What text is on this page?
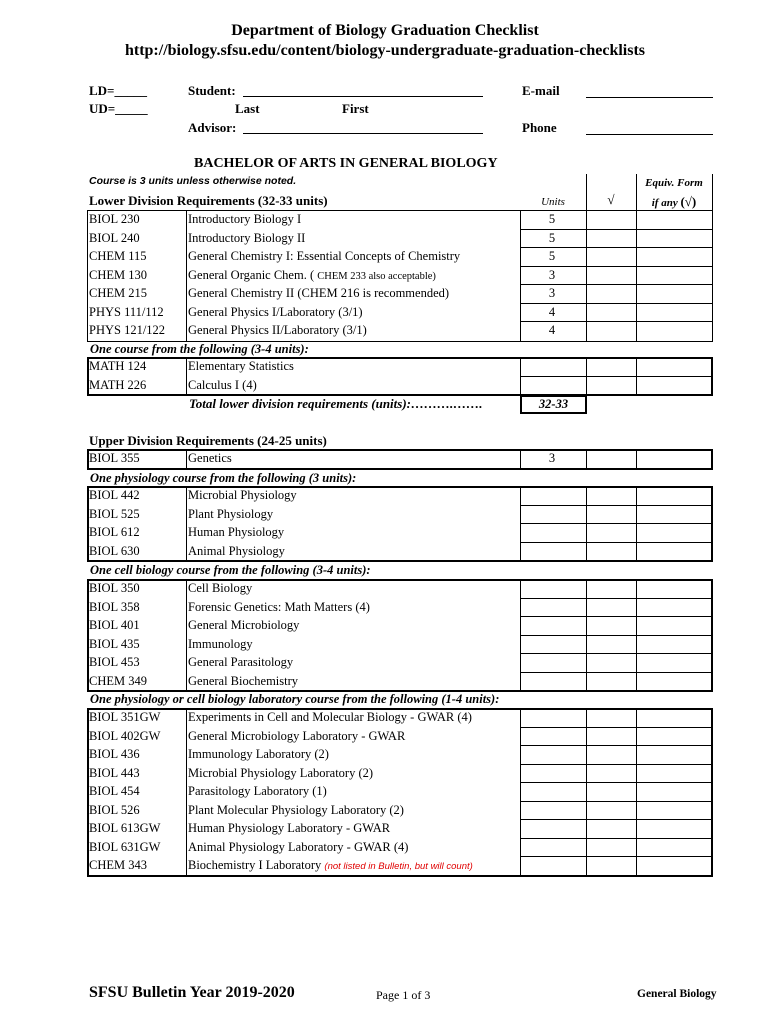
Department of Biology Graduation Checklist
http://biology.sfsu.edu/content/biology-undergraduate-graduation-checklists
LD=_____
UD=_____
Student:
Last	First
Advisor:
E-mail
Phone
BACHELOR OF ARTS IN GENERAL BIOLOGY
Course is 3 units unless otherwise noted.
Units	√
Equiv. Form
if any (√)
Lower Division Requirements (32-33 units)
BIOL 230	Introductory Biology I	5
BIOL 240	Introductory Biology II	5
CHEM 115	General Chemistry I: Essential Concepts of Chemistry	5
CHEM 130	General Organic Chem. ( CHEM 233 also acceptable)	3
CHEM 215	General Chemistry II (CHEM 216 is recommended)	3
PHYS 111/112 General Physics I/Laboratory (3/1)	4
PHYS 121/122 General Physics II/Laboratory (3/1)	4
One course from the following (3-4 units):
MATH 124	Elementary Statistics
MATH 226	Calculus I (4)
Total lower division requirements (units):……….…….	32-33
Upper Division Requirements (24-25 units)
BIOL 355	Genetics	3
One physiology course from the following (3 units):
BIOL 442	Microbial Physiology
BIOL 525	Plant Physiology
BIOL 612	Human Physiology
BIOL 630	Animal Physiology
One cell biology course from the following (3-4 units):
BIOL 350	Cell Biology
BIOL 358	Forensic Genetics: Math Matters (4)
BIOL 401	General Microbiology
BIOL 435	Immunology
BIOL 453	General Parasitology
CHEM 349	General Biochemistry
One physiology or cell biology laboratory course from the following (1-4 units):
BIOL 351GW Experiments in Cell and Molecular Biology - GWAR (4)
BIOL 402GW General Microbiology Laboratory - GWAR
BIOL 436	Immunology Laboratory (2)
BIOL 443	Microbial Physiology Laboratory (2)
BIOL 454	Parasitology Laboratory (1)
BIOL 526	Plant Molecular Physiology Laboratory (2)
BIOL 613GW Human Physiology Laboratory - GWAR
BIOL 631GW Animal Physiology Laboratory - GWAR (4)
CHEM 343	Biochemistry I Laboratory (not listed in Bulletin, but will count)
SFSU Bulletin Year 2019-2020	Page 1 of 3	General Biology
